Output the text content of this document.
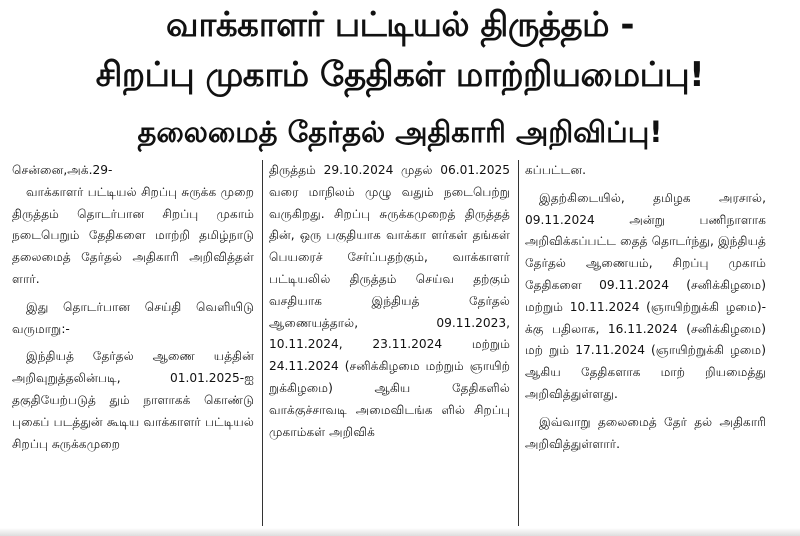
வாக்காளர் பட்டியல் திருத்தம் -
சிறப்பு முகாம் தேதிகள் மாற்றியமைப்பு!
தலைமைத் தேர்தல் அதிகாரி அறிவிப்பு!

சென்னை,அக்.29-

வாக்காளர் பட்டியல் சிறப்பு சுருக்க முறை திருத்தம் தொடர்பான சிறப்பு முகாம் நடைபெறும் தேதிகளை மாற்றி தமிழ்நாடு தலைமைத் தேர்தல் அதிகாரி அறிவித்தள் ளார்.

இது தொடர்பான செய்தி வெளியிடு வருமாறு:-

இந்தியத் தேர்தல் ஆணை யத்தின் அறிவுறுத்தலின்படி, 01.01.2025-ஐ தகுதியேற்படுத் தும் நாளாகக் கொண்டு புகைப் படத்துன் கூடிய வாக்காளர் பட்டியல் சிறப்பு சுருக்கமுறை

திருத்தம் 29.10.2024 முதல் 06.01.2025 வரை மாநிலம் முழு வதும் நடைபெற்று வருகிறது. சிறப்பு சுருக்கமுறைத் திருத்தத் தின், ஒரு பகுதியாக வாக்கா ளர்கள் தங்கள் பெயரைச் சேர்ப்பதற்கும், வாக்காளர் பட்டியலில் திருத்தம் செய்வ தற்கும் வசதியாக இந்தியத் தேர்தல் ஆணையத்தால், 09.11.2023, 10.11.2024, 23.11.2024 மற்றும் 24.11.2024 (சனிக்கிழமை மற்றும் ஞாயிற் றுக்கிழமை) ஆகிய தேதிகளில் வாக்குச்சாவடி அமைவிடங்க ளில் சிறப்பு முகாம்கள் அறிவிக்

கப்பட்டன.

இதற்கிடையில், தமிழக அரசால், 09.11.2024 அன்று பணிநாளாக அறிவிக்கப்பட்ட தைத் தொடர்ந்து, இந்தியத் தேர்தல் ஆணையம், சிறப்பு முகாம் தேதிகளை 09.11.2024 (சனிக்கிழமை) மற்றும் 10.11.2024 (ஞாயிற்றுக்கி ழமை)-க்கு பதிலாக, 16.11.2024 (சனிக்கிழமை) மற் றும் 17.11.2024 (ஞாயிற்றுக்கி ழமை) ஆகிய தேதிகளாக மாற் றியமைத்து அறிவித்துள்ளது.

இவ்வாறு தலைமைத் தேர் தல் அதிகாரி அறிவித்துள்ளார்.
